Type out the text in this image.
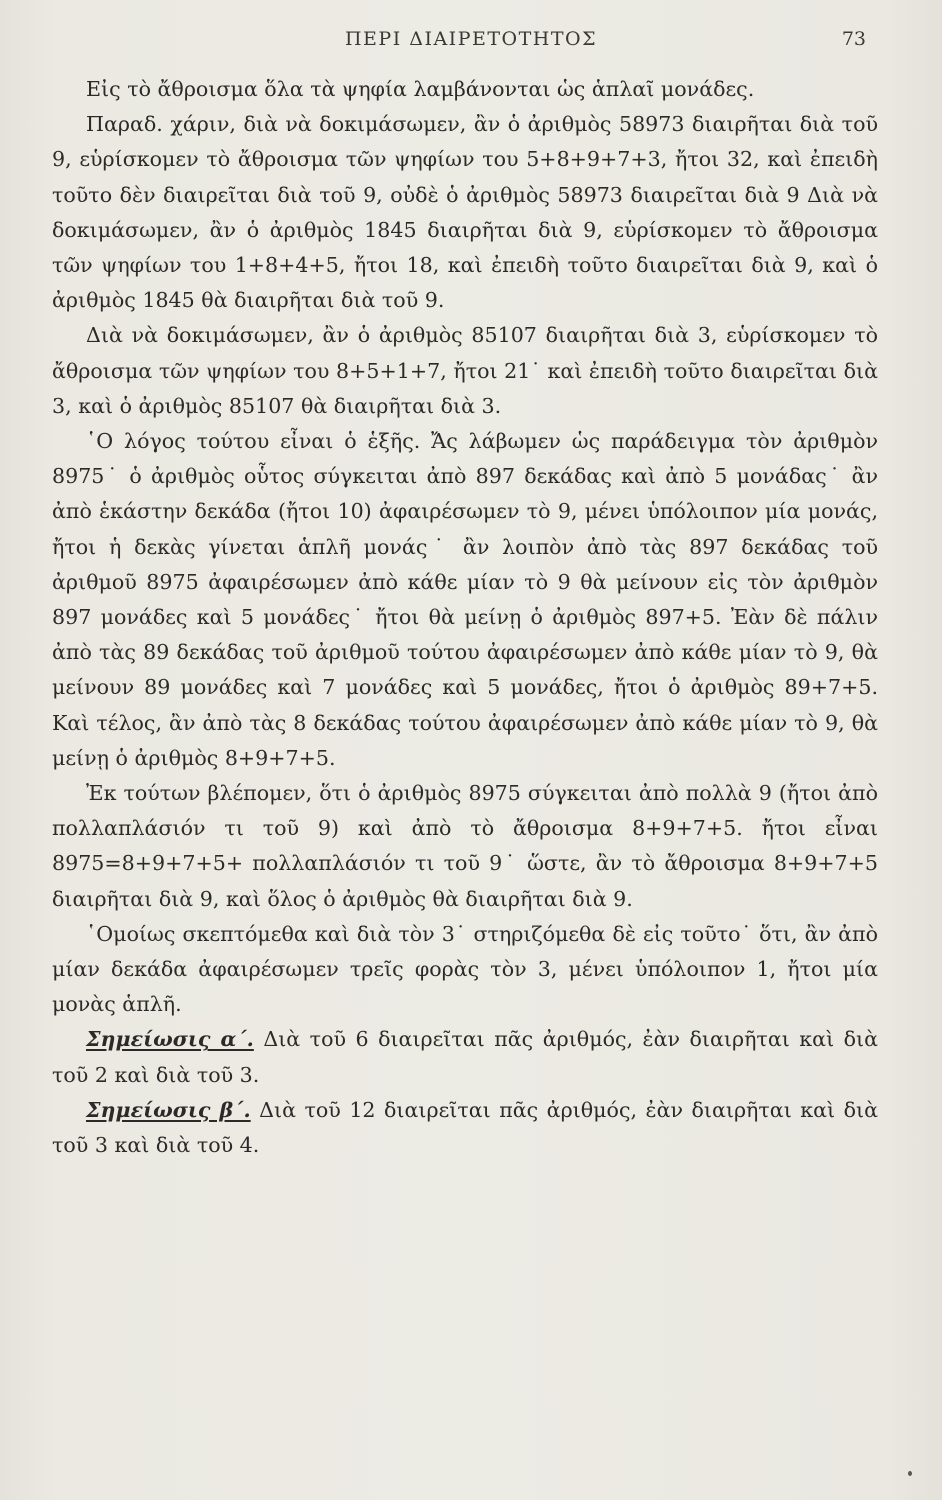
ΠΕΡΙ ΔΙΑΙΡΕΤΟΤΗΤΟΣ	73

Εἰς τὸ ἄθροισμα ὅλα τὰ ψηφία λαμβάνονται ὡς ἁπλαῖ μονάδες.

Παραδ. χάριν, διὰ νὰ δοκιμάσωμεν, ἂν ὁ ἀριθμὸς 58973 διαιρῆται διὰ τοῦ 9, εὑρίσκομεν τὸ ἄθροισμα τῶν ψηφίων του 5+8+9+7+3, ἤτοι 32, καὶ ἐπειδὴ τοῦτο δὲν διαιρεῖται διὰ τοῦ 9, οὐδὲ ὁ ἀριθμὸς 58973 διαιρεῖται διὰ 9 Διὰ νὰ δοκιμάσωμεν, ἂν ὁ ἀριθμὸς 1845 διαιρῆται διὰ 9, εὑρίσκομεν τὸ ἄθροισμα τῶν ψηφίων του 1+8+4+5, ἤτοι 18, καὶ ἐπειδὴ τοῦτο διαιρεῖται διὰ 9, καὶ ὁ ἀριθμὸς 1845 θὰ διαιρῆται διὰ τοῦ 9.

Διὰ νὰ δοκιμάσωμεν, ἂν ὁ ἀριθμὸς 85107 διαιρῆται διὰ 3, εὑρίσκομεν τὸ ἄθροισμα τῶν ψηφίων του 8+5+1+7, ἤτοι 21˙ καὶ ἐπειδὴ τοῦτο διαιρεῖται διὰ 3, καὶ ὁ ἀριθμὸς 85107 θὰ διαιρῆται διὰ 3.

῾Ο λόγος τούτου εἶναι ὁ ἑξῆς. Ἄς λάβωμεν ὡς παράδειγμα τὸν ἀριθμὸν 8975˙ ὁ ἀριθμὸς οὗτος σύγκειται ἀπὸ 897 δεκάδας καὶ ἀπὸ 5 μονάδας˙ ἂν ἀπὸ ἑκάστην δεκάδα (ἤτοι 10) ἀφαιρέσωμεν τὸ 9, μένει ὑπόλοιπον μία μονάς, ἤτοι ἡ δεκὰς γίνεται ἁπλῆ μονάς˙ ἂν λοιπὸν ἀπὸ τὰς 897 δεκάδας τοῦ ἀριθμοῦ 8975 ἀφαιρέσωμεν ἀπὸ κάθε μίαν τὸ 9 θὰ μείνουν εἰς τὸν ἀριθμὸν 897 μονάδες καὶ 5 μονάδες˙ ἤτοι θὰ μείνῃ ὁ ἀριθμὸς 897+5. Ἐὰν δὲ πάλιν ἀπὸ τὰς 89 δεκάδας τοῦ ἀριθμοῦ τούτου ἀφαιρέσωμεν ἀπὸ κάθε μίαν τὸ 9, θὰ μείνουν 89 μονάδες καὶ 7 μονάδες καὶ 5 μονάδες, ἤτοι ὁ ἀριθμὸς 89+7+5. Καὶ τέλος, ἂν ἀπὸ τὰς 8 δεκάδας τούτου ἀφαιρέσωμεν ἀπὸ κάθε μίαν τὸ 9, θὰ μείνῃ ὁ ἀριθμὸς 8+9+7+5.

Ἐκ τούτων βλέπομεν, ὅτι ὁ ἀριθμὸς 8975 σύγκειται ἀπὸ πολλὰ 9 (ἤτοι ἀπὸ πολλαπλάσιόν τι τοῦ 9) καὶ ἀπὸ τὸ ἄθροισμα 8+9+7+5. ἤτοι εἶναι 8975=8+9+7+5+ πολλαπλάσιόν τι τοῦ 9˙ ὥστε, ἂν τὸ ἄθροισμα 8+9+7+5 διαιρῆται διὰ 9, καὶ ὅλος ὁ ἀριθμὸς θὰ διαιρῆται διὰ 9.

῾Ομοίως σκεπτόμεθα καὶ διὰ τὸν 3˙ στηριζόμεθα δὲ εἰς τοῦτο˙ ὅτι, ἂν ἀπὸ μίαν δεκάδα ἀφαιρέσωμεν τρεῖς φορὰς τὸν 3, μένει ὑπόλοιπον 1, ἤτοι μία μονὰς ἁπλῆ.

Σημείωσις α΄. Διὰ τοῦ 6 διαιρεῖται πᾶς ἀριθμός, ἐὰν διαιρῆται καὶ διὰ τοῦ 2 καὶ διὰ τοῦ 3.

Σημείωσις β΄. Διὰ τοῦ 12 διαιρεῖται πᾶς ἀριθμός, ἐὰν διαιρῆται καὶ διὰ τοῦ 3 καὶ διὰ τοῦ 4.
